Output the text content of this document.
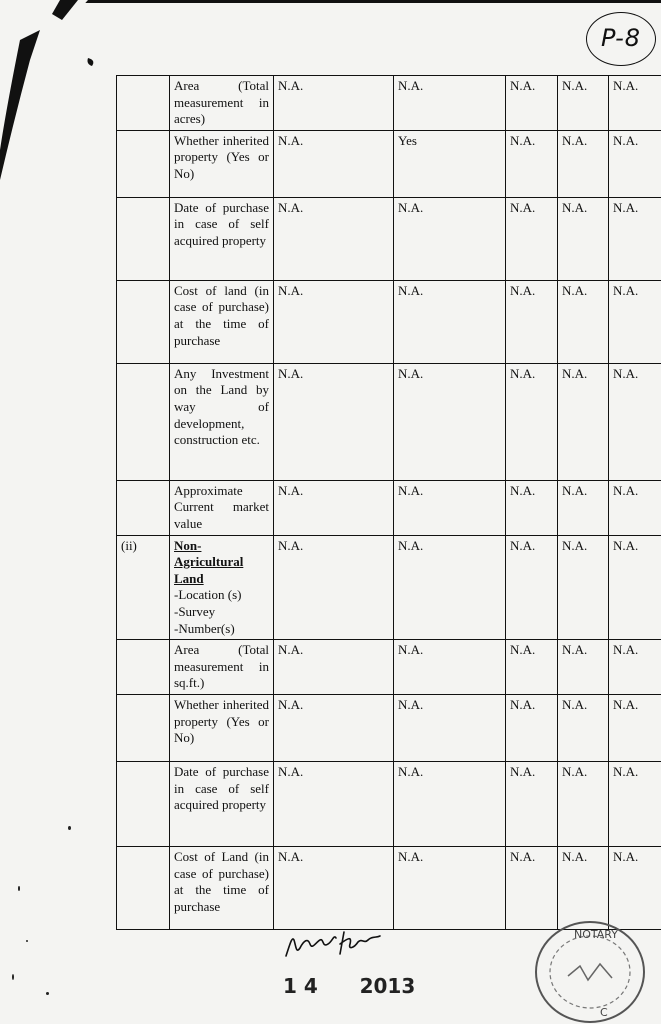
P-8
	Area (Total measurement in acres)	N.A.	N.A.	N.A.	N.A.	N.A.
	Whether inherited property (Yes or No)	N.A.	Yes	N.A.	N.A.	N.A.
	Date of purchase in case of self acquired property	N.A.	N.A.	N.A.	N.A.	N.A.
	Cost of land (in case of purchase) at the time of purchase	N.A.	N.A.	N.A.	N.A.	N.A.
	Any Investment on the Land by way of development, construction etc.	N.A.	N.A.	N.A.	N.A.	N.A.
	Approximate Current market value	N.A.	N.A.	N.A.	N.A.	N.A.
(ii)	Non-Agricultural Land
-Location (s)
-Survey
-Number(s)	N.A.	N.A.	N.A.	N.A.	N.A.
	Area (Total measurement in sq.ft.)	N.A.	N.A.	N.A.	N.A.	N.A.
	Whether inherited property (Yes or No)	N.A.	N.A.	N.A.	N.A.	N.A.
	Date of purchase in case of self acquired property	N.A.	N.A.	N.A.	N.A.	N.A.
	Cost of Land (in case of purchase) at the time of purchase	N.A.	N.A.	N.A.	N.A.	N.A.
1 4      2013
NOTARY
C
